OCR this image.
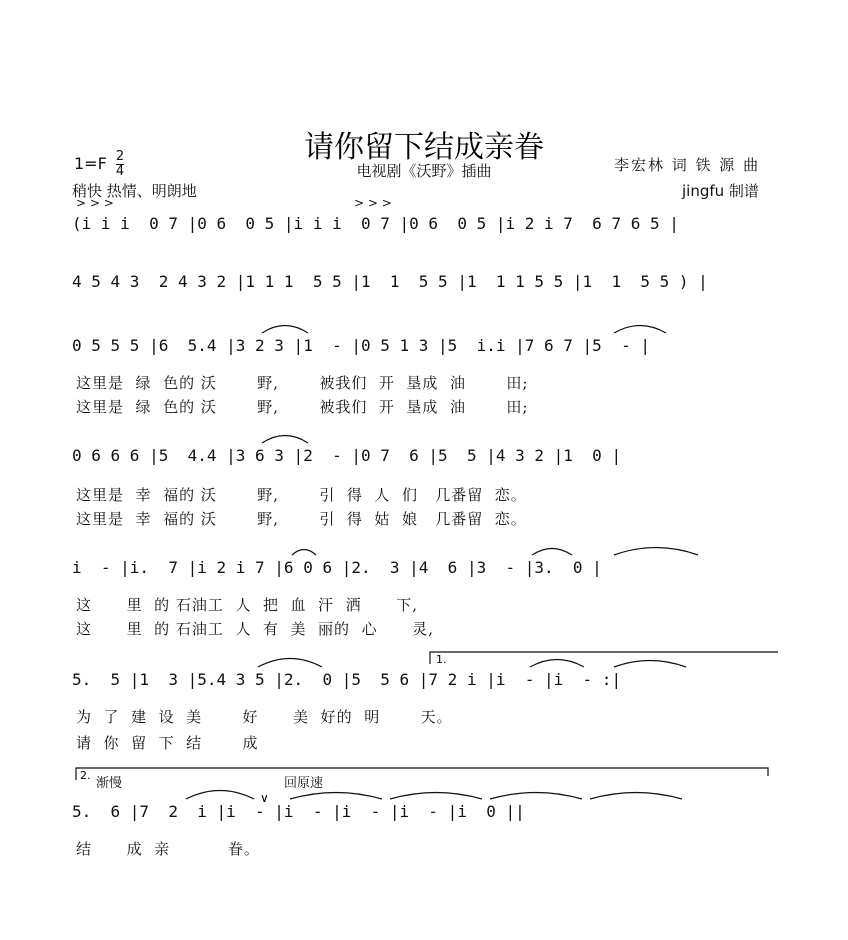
请你留下结成亲眷
电视剧《沃野》插曲
$1=F \frac{2}{4}$
稍快 热情、明朗地
李宏林 词 铁 源 曲
jingfu 制谱
> > >	> > >
(i i i  0 7 |0 6  0 5 |i i i  0 7 |0 6  0 5 |i 2 i 7  6 7 6 5 |
4 5 4 3  2 4 3 2 |1 1 1  5 5 |1  1  5 5 |1  1 1 5 5 |1  1  5 5 ) |
0 5 5 5 |6  5.4 |3 2 3 |1  - |0 5 1 3 |5  i.i |7 6 7 |5  - |
这里是  绿  色的 沃       野,       被我们  开  垦成  油       田;
这里是  绿  色的 沃       野,       被我们  开  垦成  油       田;
0 6 6 6 |5  4.4 |3 6 3 |2  - |0 7  6 |5  5 |4 3 2 |1  0 |
这里是  幸  福的 沃       野,       引  得  人  们   几番留  恋。
这里是  幸  福的 沃       野,       引  得  姑  娘   几番留  恋。
i  - |i.  7 |i 2 i 7 |6 0 6 |2.  3 |4  6 |3  - |3.  0 |
这      里  的 石油工  人  把  血  汗  洒      下,
这      里  的 石油工  人  有  美  丽的  心      灵,
5.  5 |1  3 |5.4 3 5 |2.  0 |5  5 6 |7 2 i |i  - |i  - :|
为  了  建  设  美       好      美  好的  明       天。
请  你  留  下  结       成
渐慢	回原速
5.  6 |7  2  i |i  - |i  - |i  - |i  - |i  0 ||
结      成  亲          眷。
1.
2.
∨
